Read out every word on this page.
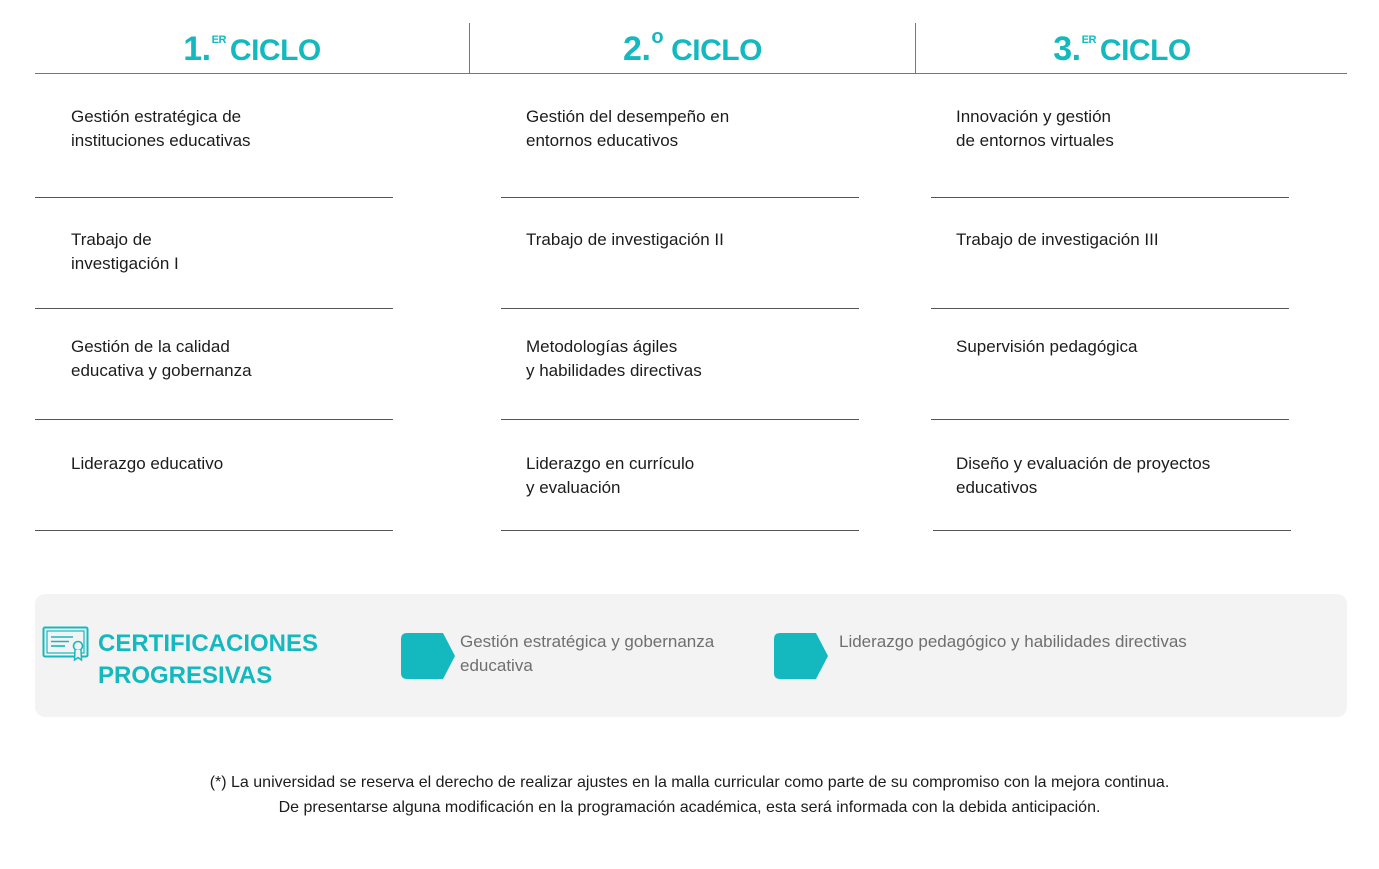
1.$^{ER}$ CICLO	2.$^o$ CICLO	3.$^{ER}$ CICLO
Gestión estratégica de
instituciones educativas
Trabajo de
investigación I
Gestión de la calidad
educativa y gobernanza
Liderazgo educativo
Gestión del desempeño en
entornos educativos
Trabajo de investigación II
Metodologías ágiles
y habilidades directivas
Liderazgo en currículo
y evaluación
Innovación y gestión
de entornos virtuales
Trabajo de investigación III
Supervisión pedagógica
Diseño y evaluación de proyectos
educativos
CERTIFICACIONES
PROGRESIVAS
Gestión estratégica y gobernanza
educativa
Liderazgo pedagógico y habilidades directivas
(*) La universidad se reserva el derecho de realizar ajustes en la malla curricular como parte de su compromiso con la mejora continua.
De presentarse alguna modificación en la programación académica, esta será informada con la debida anticipación.
